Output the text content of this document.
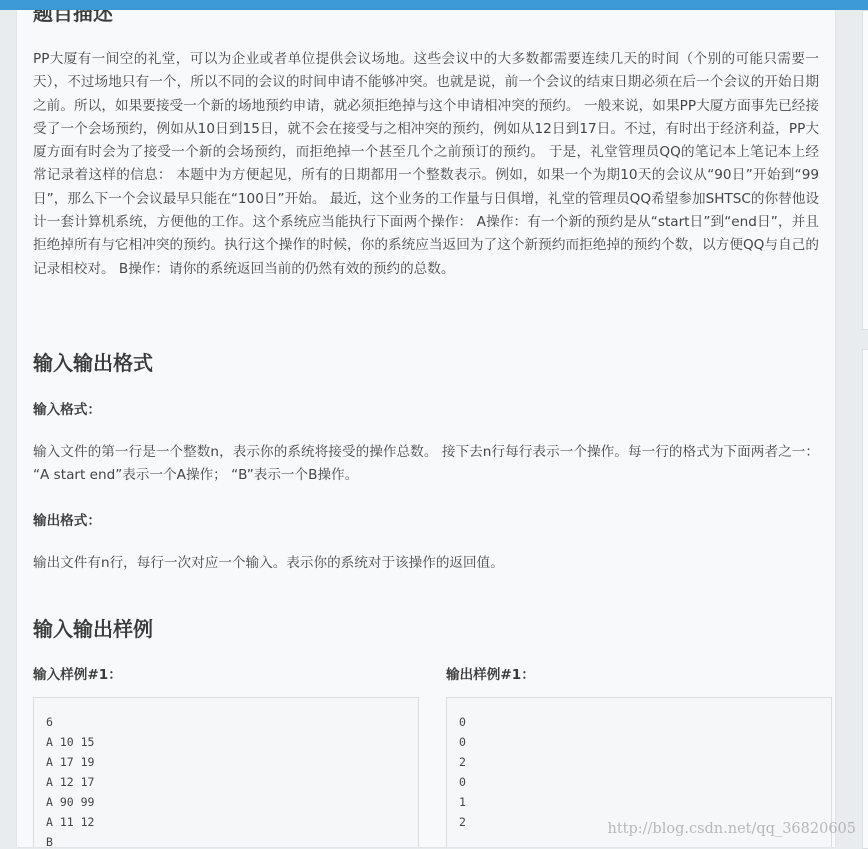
题目描述

PP大厦有一间空的礼堂，可以为企业或者单位提供会议场地。这些会议中的大多数都需要连续几天的时间（个别的可能只需要一天），不过场地只有一个，所以不同的会议的时间申请不能够冲突。也就是说，前一个会议的结束日期必须在后一个会议的开始日期之前。所以，如果要接受一个新的场地预约申请，就必须拒绝掉与这个申请相冲突的预约。 一般来说，如果PP大厦方面事先已经接受了一个会场预约，例如从10日到15日，就不会在接受与之相冲突的预约，例如从12日到17日。不过，有时出于经济利益，PP大厦方面有时会为了接受一个新的会场预约，而拒绝掉一个甚至几个之前预订的预约。 于是，礼堂管理员QQ的笔记本上笔记本上经常记录着这样的信息： 本题中为方便起见，所有的日期都用一个整数表示。例如，如果一个为期10天的会议从“90日”开始到“99日”，那么下一个会议最早只能在“100日”开始。 最近，这个业务的工作量与日俱增，礼堂的管理员QQ希望参加SHTSC的你替他设计一套计算机系统，方便他的工作。这个系统应当能执行下面两个操作： A操作：有一个新的预约是从“start日”到“end日”，并且拒绝掉所有与它相冲突的预约。执行这个操作的时候，你的系统应当返回为了这个新预约而拒绝掉的预约个数，以方便QQ与自己的记录相校对。 B操作：请你的系统返回当前的仍然有效的预约的总数。

输入输出格式

输入格式：

输入文件的第一行是一个整数n，表示你的系统将接受的操作总数。 接下去n行每行表示一个操作。每一行的格式为下面两者之一： “A start end”表示一个A操作； “B”表示一个B操作。

输出格式：

输出文件有n行，每行一次对应一个输入。表示你的系统对于该操作的返回值。

输入输出样例

输入样例#1：	输出样例#1：

6
A 10 15
A 17 19
A 12 17
A 90 99
A 11 12
B
0
0
2
0
1
2
http://blog.csdn.net/qq_36820605
